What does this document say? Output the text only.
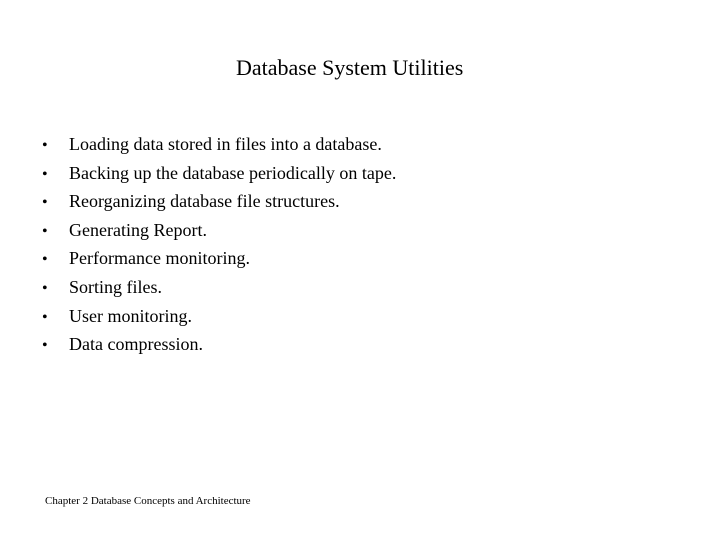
Database System Utilities
•	Loading data stored in files into a database.
•	Backing up the database periodically on tape.
•	Reorganizing database file structures.
•	Generating Report.
•	Performance monitoring.
•	Sorting files.
•	User monitoring.
•	Data compression.
Chapter 2 Database Concepts and Architecture
